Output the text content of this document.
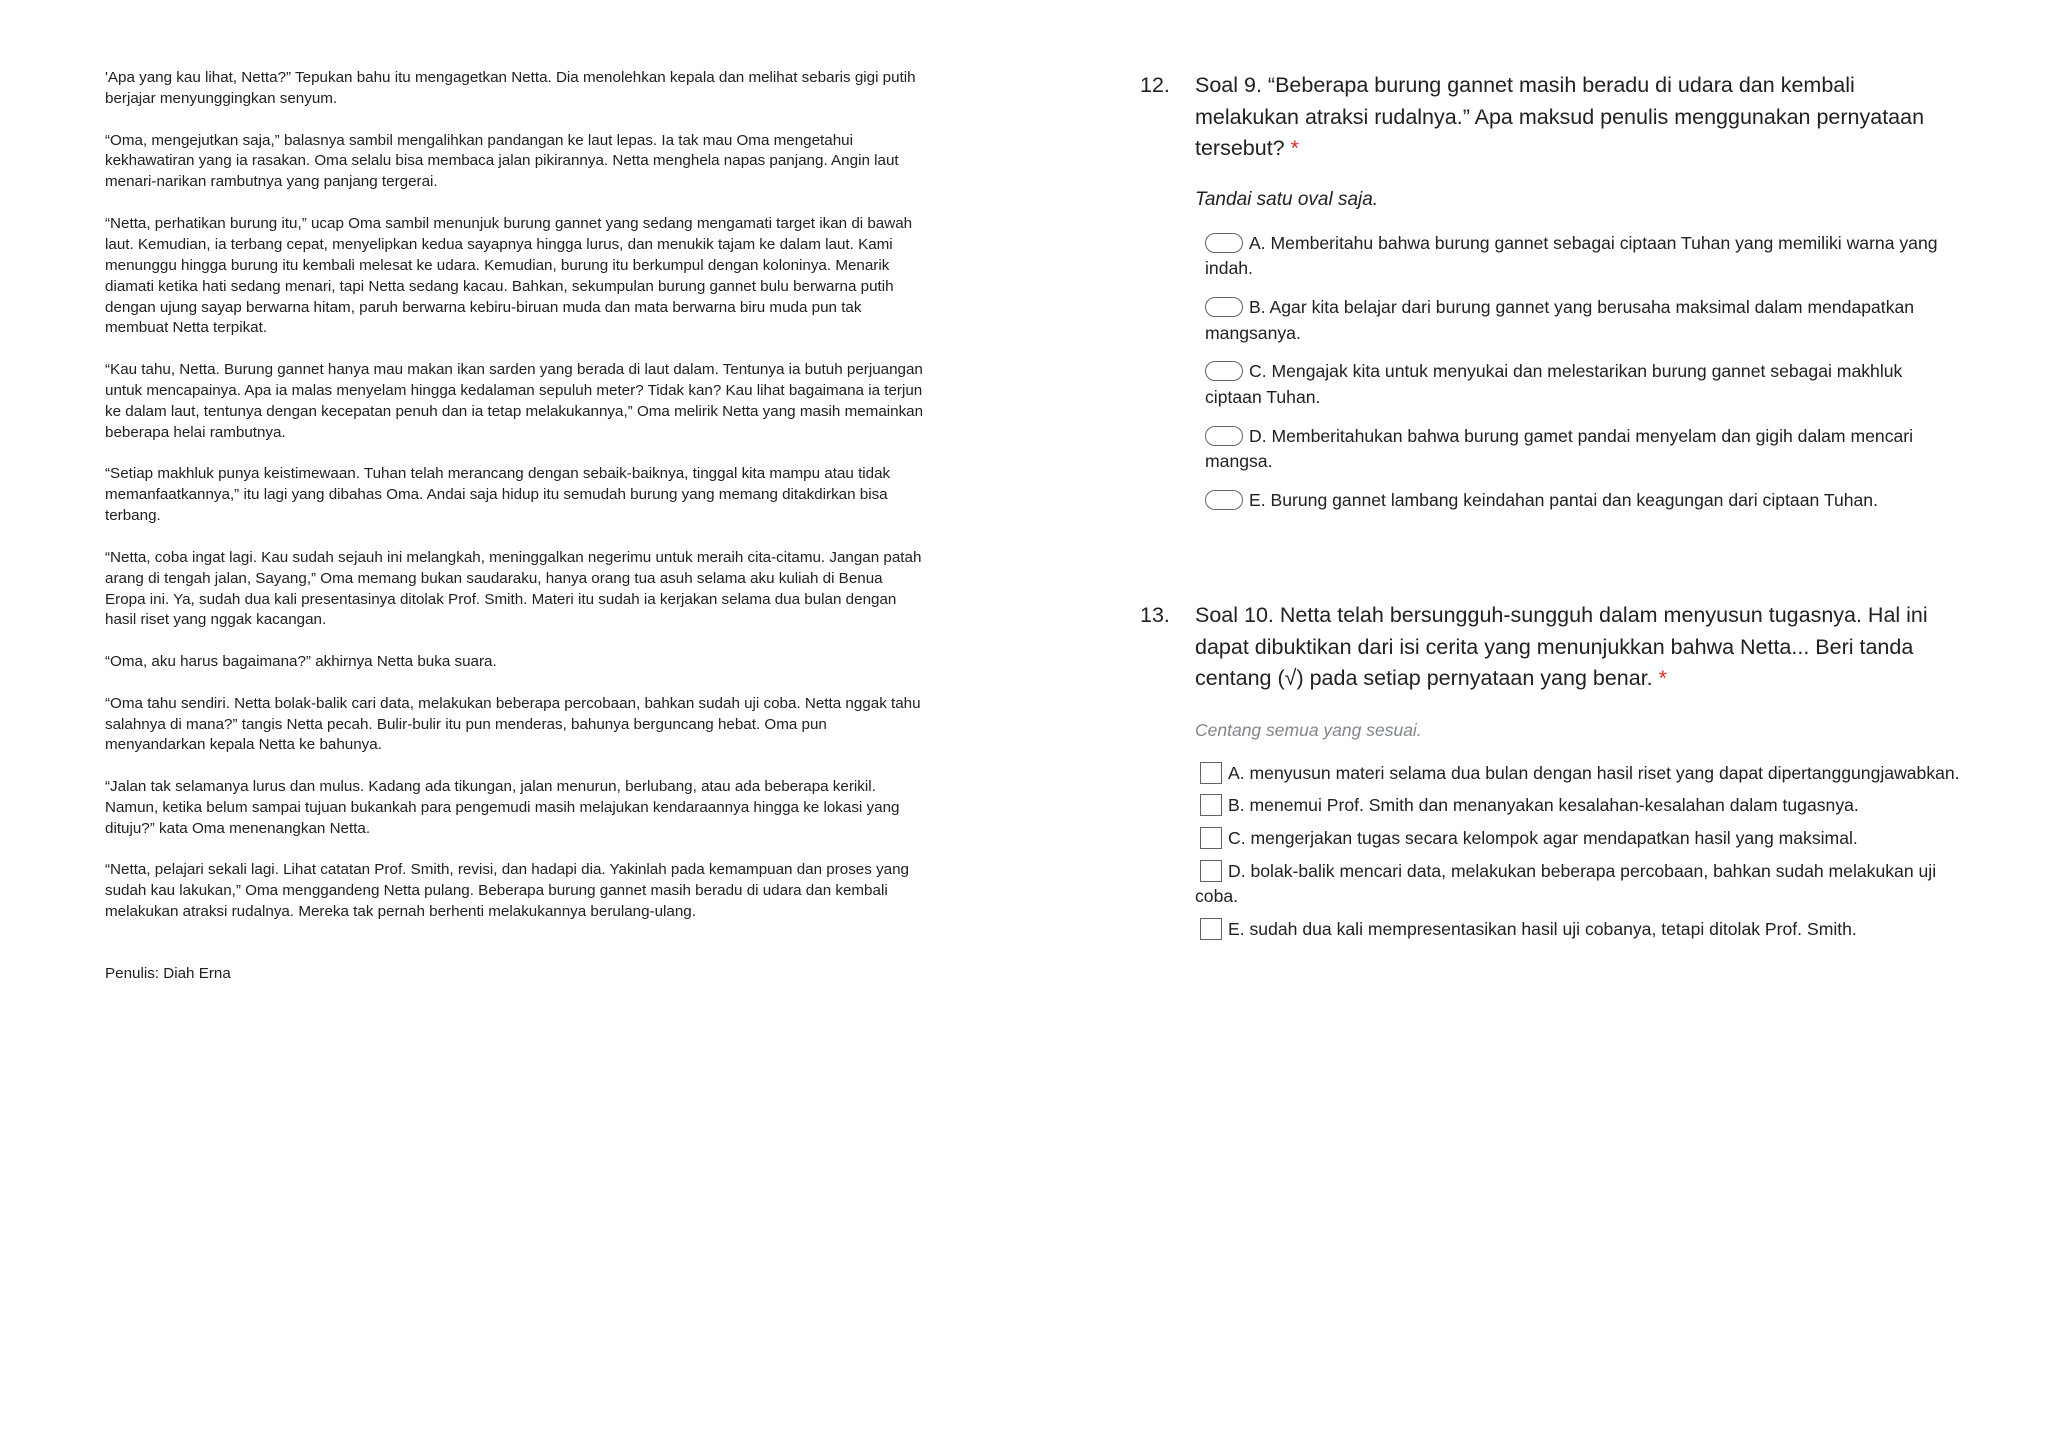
'Apa yang kau lihat, Netta?” Tepukan bahu itu mengagetkan Netta. Dia menolehkan kepala dan melihat sebaris gigi putih berjajar menyunggingkan senyum.

“Oma, mengejutkan saja,” balasnya sambil mengalihkan pandangan ke laut lepas. Ia tak mau Oma mengetahui kekhawatiran yang ia rasakan. Oma selalu bisa membaca jalan pikirannya. Netta menghela napas panjang. Angin laut menari-narikan rambutnya yang panjang tergerai.

“Netta, perhatikan burung itu,” ucap Oma sambil menunjuk burung gannet yang sedang mengamati target ikan di bawah laut. Kemudian, ia terbang cepat, menyelipkan kedua sayapnya hingga lurus, dan menukik tajam ke dalam laut. Kami menunggu hingga burung itu kembali melesat ke udara. Kemudian, burung itu berkumpul dengan koloninya. Menarik diamati ketika hati sedang menari, tapi Netta sedang kacau. Bahkan, sekumpulan burung gannet bulu berwarna putih dengan ujung sayap berwarna hitam, paruh berwarna kebiru-biruan muda dan mata berwarna biru muda pun tak membuat Netta terpikat.

“Kau tahu, Netta. Burung gannet hanya mau makan ikan sarden yang berada di laut dalam. Tentunya ia butuh perjuangan untuk mencapainya. Apa ia malas menyelam hingga kedalaman sepuluh meter? Tidak kan? Kau lihat bagaimana ia terjun ke dalam laut, tentunya dengan kecepatan penuh dan ia tetap melakukannya,” Oma melirik Netta yang masih memainkan beberapa helai rambutnya.

“Setiap makhluk punya keistimewaan. Tuhan telah merancang dengan sebaik-baiknya, tinggal kita mampu atau tidak memanfaatkannya,” itu lagi yang dibahas Oma. Andai saja hidup itu semudah burung yang memang ditakdirkan bisa terbang.

“Netta, coba ingat lagi. Kau sudah sejauh ini melangkah, meninggalkan negerimu untuk meraih cita-citamu. Jangan patah arang di tengah jalan, Sayang,” Oma memang bukan saudaraku, hanya orang tua asuh selama aku kuliah di Benua Eropa ini. Ya, sudah dua kali presentasinya ditolak Prof. Smith. Materi itu sudah ia kerjakan selama dua bulan dengan hasil riset yang nggak kacangan.

“Oma, aku harus bagaimana?” akhirnya Netta buka suara.

“Oma tahu sendiri. Netta bolak-balik cari data, melakukan beberapa percobaan, bahkan sudah uji coba. Netta nggak tahu salahnya di mana?” tangis Netta pecah. Bulir-bulir itu pun menderas, bahunya berguncang hebat. Oma pun menyandarkan kepala Netta ke bahunya.

“Jalan tak selamanya lurus dan mulus. Kadang ada tikungan, jalan menurun, berlubang, atau ada beberapa kerikil. Namun, ketika belum sampai tujuan bukankah para pengemudi masih melajukan kendaraannya hingga ke lokasi yang dituju?” kata Oma menenangkan Netta.

“Netta, pelajari sekali lagi. Lihat catatan Prof. Smith, revisi, dan hadapi dia. Yakinlah pada kemampuan dan proses yang sudah kau lakukan,” Oma menggandeng Netta pulang. Beberapa burung gannet masih beradu di udara dan kembali melakukan atraksi rudalnya. Mereka tak pernah berhenti melakukannya berulang-ulang.

Penulis: Diah Erna

12. Soal 9. “Beberapa burung gannet masih beradu di udara dan kembali melakukan atraksi rudalnya.” Apa maksud penulis menggunakan pernyataan tersebut? *
Tandai satu oval saja.
A. Memberitahu bahwa burung gannet sebagai ciptaan Tuhan yang memiliki warna yang indah.
B. Agar kita belajar dari burung gannet yang berusaha maksimal dalam mendapatkan mangsanya.
C. Mengajak kita untuk menyukai dan melestarikan burung gannet sebagai makhluk ciptaan Tuhan.
D. Memberitahukan bahwa burung gamet pandai menyelam dan gigih dalam mencari mangsa.
E. Burung gannet lambang keindahan pantai dan keagungan dari ciptaan Tuhan.
13. Soal 10. Netta telah bersungguh-sungguh dalam menyusun tugasnya. Hal ini dapat dibuktikan dari isi cerita yang menunjukkan bahwa Netta... Beri tanda centang (√) pada setiap pernyataan yang benar. *
Centang semua yang sesuai.
A. menyusun materi selama dua bulan dengan hasil riset yang dapat dipertanggungjawabkan.
B. menemui Prof. Smith dan menanyakan kesalahan-kesalahan dalam tugasnya.
C. mengerjakan tugas secara kelompok agar mendapatkan hasil yang maksimal.
D. bolak-balik mencari data, melakukan beberapa percobaan, bahkan sudah melakukan uji coba.
E. sudah dua kali mempresentasikan hasil uji cobanya, tetapi ditolak Prof. Smith.
